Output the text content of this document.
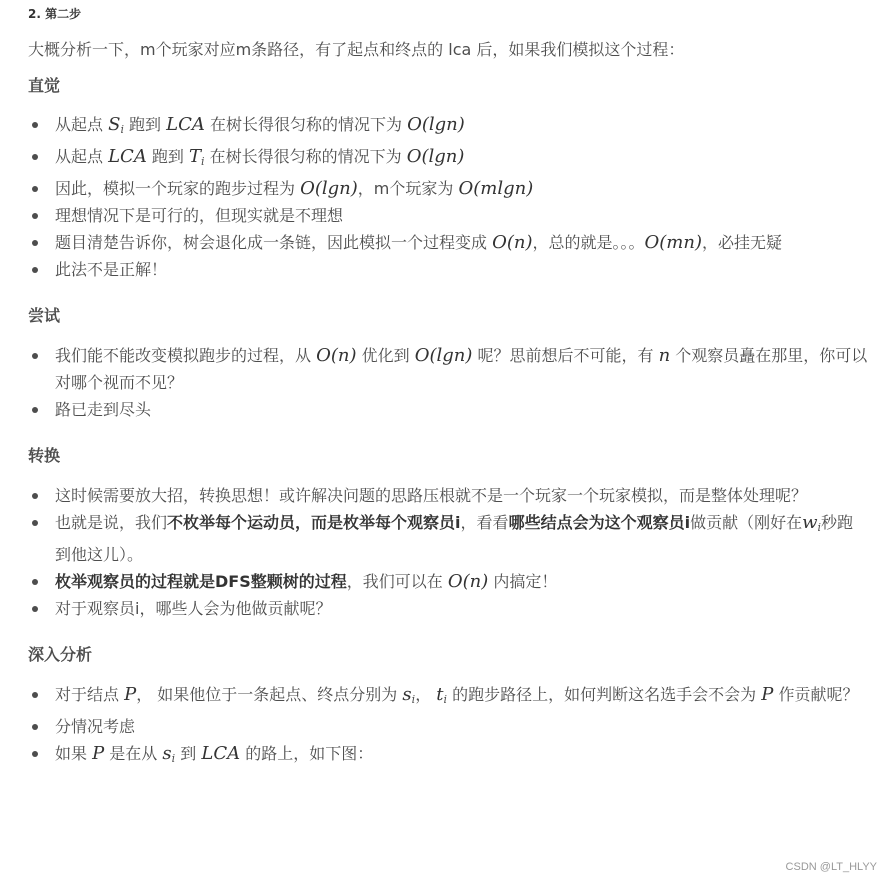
2. 第二步

大概分析一下，m个玩家对应m条路径，有了起点和终点的 lca 后，如果我们模拟这个过程：

直觉
从起点 $S_i$ 跑到 LCA 在树长得很匀称的情况下为 O(lgn)
从起点 LCA 跑到 $T_i$ 在树长得很匀称的情况下为 O(lgn)
因此，模拟一个玩家的跑步过程为 O(lgn)，m个玩家为 O(mlgn)
理想情况下是可行的，但现实就是不理想
题目清楚告诉你，树会退化成一条链，因此模拟一个过程变成 O(n)，总的就是。。。O(mn)，必挂无疑
此法不是正解！
尝试
我们能不能改变模拟跑步的过程，从 O(n) 优化到 O(lgn) 呢？思前想后不可能，有 n 个观察员矗在那里，你可以对哪个视而不见？
路已走到尽头
转换
这时候需要放大招，转换思想！或许解决问题的思路压根就不是一个玩家一个玩家模拟，而是整体处理呢？
也就是说，我们不枚举每个运动员，而是枚举每个观察员i，看看哪些结点会为这个观察员i做贡献（刚好在$w_i$秒跑到他这儿）。
枚举观察员的过程就是DFS整颗树的过程，我们可以在 O(n) 内搞定！
对于观察员i，哪些人会为他做贡献呢？
深入分析
对于结点 P， 如果他位于一条起点、终点分别为 $s_i$， $t_i$ 的跑步路径上，如何判断这名选手会不会为 P 作贡献呢？
分情况考虑
如果 P 是在从 $s_i$ 到 LCA 的路上，如下图：
CSDN @LT_HLYY
